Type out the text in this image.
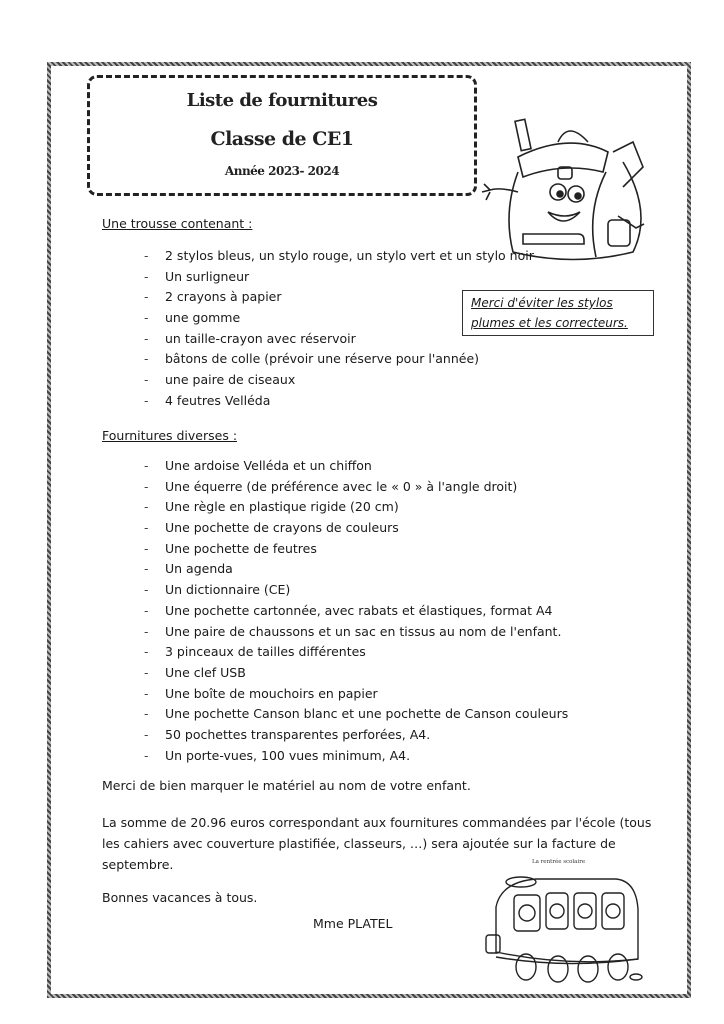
Liste de fournitures
Classe de CE1
Année 2023- 2024
Une trousse contenant :
- 2 stylos bleus, un stylo rouge, un stylo vert et un stylo noir
- Un surligneur
- 2 crayons à papier
- une gomme
- un taille-crayon avec réservoir
- bâtons de colle (prévoir une réserve pour l'année)
- une paire de ciseaux
- 4 feutres Velléda
Merci d'éviter les stylos
plumes et les correcteurs.
Fournitures diverses :
- Une ardoise Velléda et un chiffon
- Une équerre (de préférence avec le « 0 » à l'angle droit)
- Une règle en plastique rigide (20 cm)
- Une pochette de crayons de couleurs
- Une pochette de feutres
- Un agenda
- Un dictionnaire (CE)
- Une pochette cartonnée, avec rabats et élastiques, format A4
- Une paire de chaussons et un sac en tissus au nom de l'enfant.
- 3 pinceaux de tailles différentes
- Une clef USB
- Une boîte de mouchoirs en papier
- Une pochette Canson blanc et une pochette de Canson couleurs
- 50 pochettes transparentes perforées, A4.
- Un porte-vues, 100 vues minimum, A4.
Merci de bien marquer le matériel au nom de votre enfant.
La somme de 20.96 euros correspondant aux fournitures commandées par l'école (tous
les cahiers avec couverture plastifiée, classeurs, …) sera ajoutée sur la facture de
septembre.
Bonnes vacances à tous.
Mme PLATEL
La rentrée scolaire
